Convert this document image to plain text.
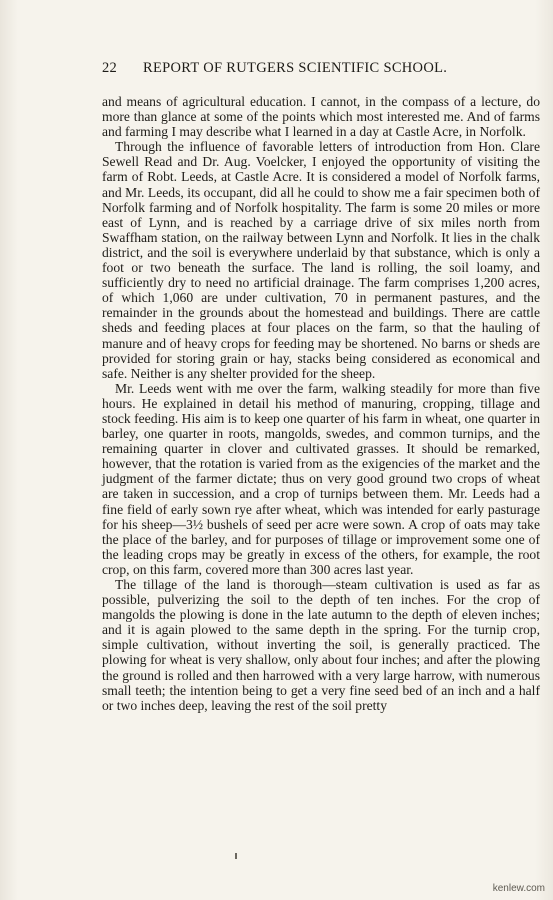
22 REPORT OF RUTGERS SCIENTIFIC SCHOOL.

and means of agricultural education. I cannot, in the compass of a lecture, do more than glance at some of the points which most interested me. And of farms and farming I may describe what I learned in a day at Castle Acre, in Norfolk.

Through the influence of favorable letters of introduction from Hon. Clare Sewell Read and Dr. Aug. Voelcker, I enjoyed the opportunity of visiting the farm of Robt. Leeds, at Castle Acre. It is considered a model of Norfolk farms, and Mr. Leeds, its occupant, did all he could to show me a fair specimen both of Norfolk farming and of Norfolk hospitality. The farm is some 20 miles or more east of Lynn, and is reached by a carriage drive of six miles north from Swaffham station, on the railway between Lynn and Norfolk. It lies in the chalk district, and the soil is everywhere underlaid by that substance, which is only a foot or two beneath the surface. The land is rolling, the soil loamy, and sufficiently dry to need no artificial drainage. The farm comprises 1,200 acres, of which 1,060 are under cultivation, 70 in permanent pastures, and the remainder in the grounds about the homestead and buildings. There are cattle sheds and feeding places at four places on the farm, so that the hauling of manure and of heavy crops for feeding may be shortened. No barns or sheds are provided for storing grain or hay, stacks being considered as economical and safe. Neither is any shelter provided for the sheep.

Mr. Leeds went with me over the farm, walking steadily for more than five hours. He explained in detail his method of manuring, cropping, tillage and stock feeding. His aim is to keep one quarter of his farm in wheat, one quarter in barley, one quarter in roots, mangolds, swedes, and common turnips, and the remaining quarter in clover and cultivated grasses. It should be remarked, however, that the rotation is varied from as the exigencies of the market and the judgment of the farmer dictate; thus on very good ground two crops of wheat are taken in succession, and a crop of turnips between them. Mr. Leeds had a fine field of early sown rye after wheat, which was intended for early pasturage for his sheep—3½ bushels of seed per acre were sown. A crop of oats may take the place of the barley, and for purposes of tillage or improvement some one of the leading crops may be greatly in excess of the others, for example, the root crop, on this farm, covered more than 300 acres last year.

The tillage of the land is thorough—steam cultivation is used as far as possible, pulverizing the soil to the depth of ten inches. For the crop of mangolds the plowing is done in the late autumn to the depth of eleven inches; and it is again plowed to the same depth in the spring. For the turnip crop, simple cultivation, without inverting the soil, is generally practiced. The plowing for wheat is very shallow, only about four inches; and after the plowing the ground is rolled and then harrowed with a very large harrow, with numerous small teeth; the intention being to get a very fine seed bed of an inch and a half or two inches deep, leaving the rest of the soil pretty

kenlew.com
